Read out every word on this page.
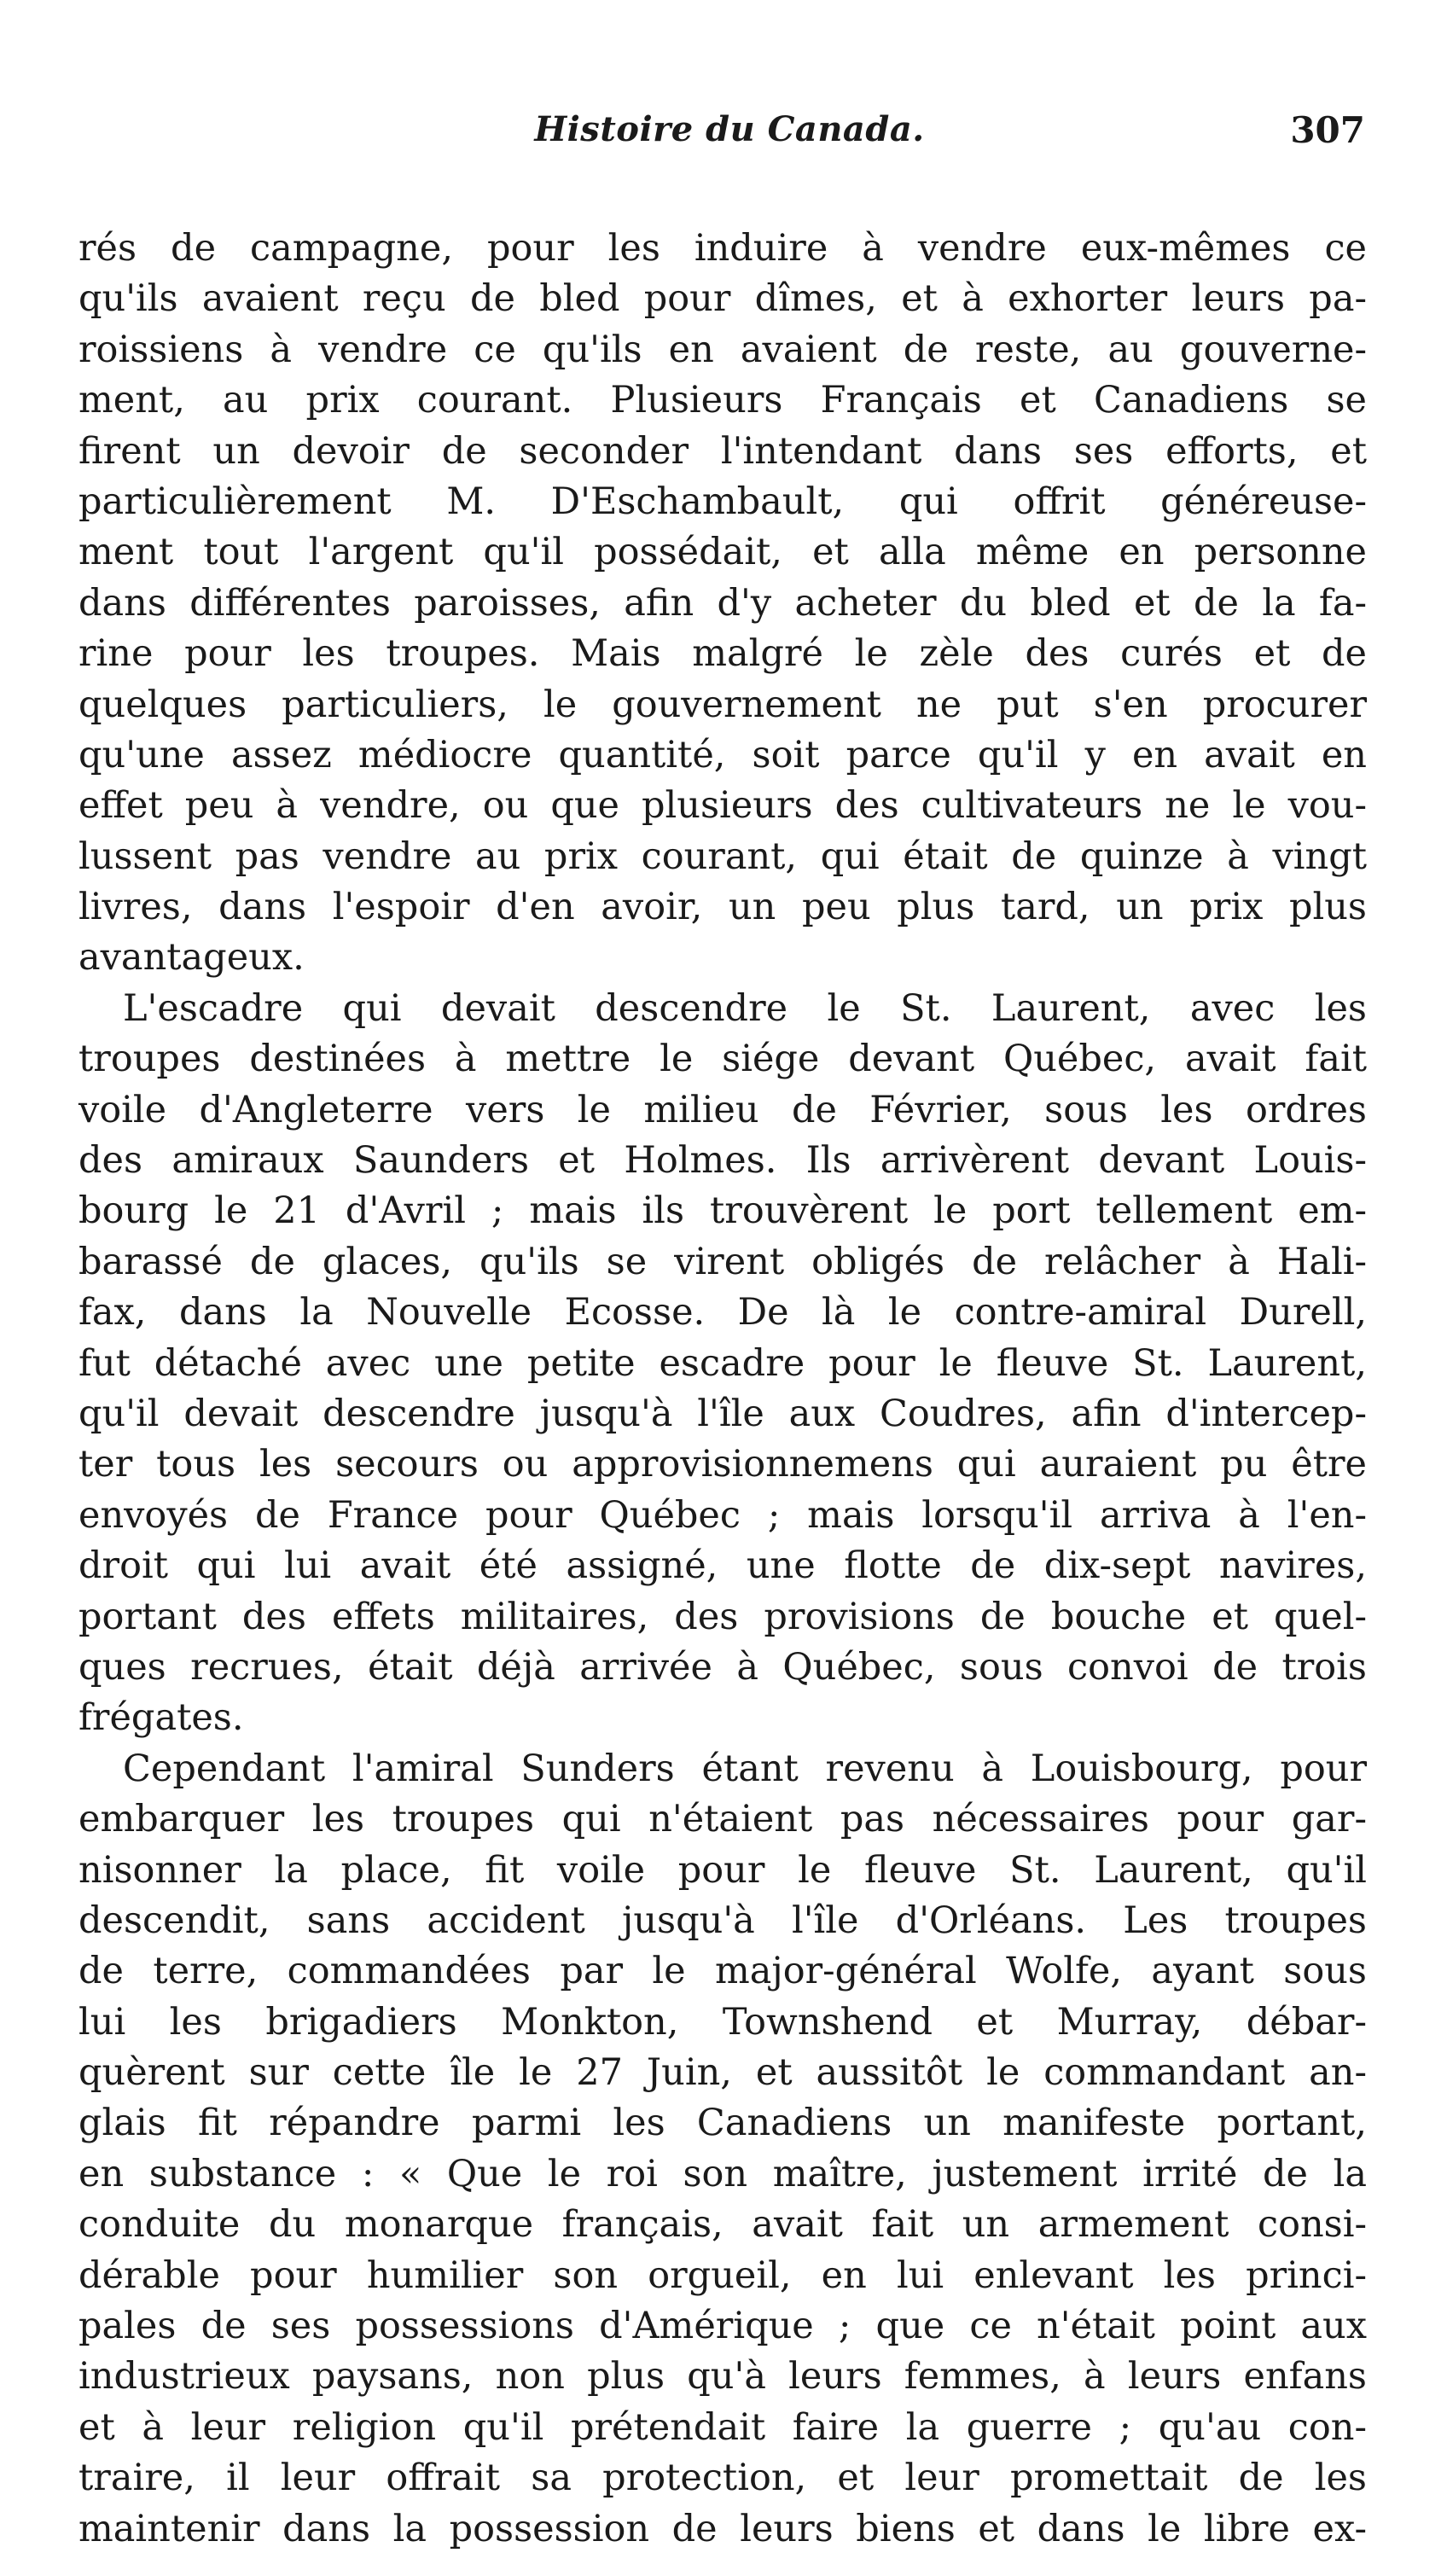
Histoire du Canada.	307
rés de campagne, pour les induire à vendre eux-mêmes ce
qu'ils avaient reçu de bled pour dîmes, et à exhorter leurs pa-
roissiens à vendre ce qu'ils en avaient de reste, au gouverne-
ment, au prix courant. Plusieurs Français et Canadiens se
firent un devoir de seconder l'intendant dans ses efforts, et
particulièrement M. D'Eschambault, qui offrit généreuse-
ment tout l'argent qu'il possédait, et alla même en personne
dans différentes paroisses, afin d'y acheter du bled et de la fa-
rine pour les troupes. Mais malgré le zèle des curés et de
quelques particuliers, le gouvernement ne put s'en procurer
qu'une assez médiocre quantité, soit parce qu'il y en avait en
effet peu à vendre, ou que plusieurs des cultivateurs ne le vou-
lussent pas vendre au prix courant, qui était de quinze à vingt
livres, dans l'espoir d'en avoir, un peu plus tard, un prix plus
avantageux.
L'escadre qui devait descendre le St. Laurent, avec les
troupes destinées à mettre le siége devant Québec, avait fait
voile d'Angleterre vers le milieu de Février, sous les ordres
des amiraux Saunders et Holmes. Ils arrivèrent devant Louis-
bourg le 21 d'Avril ; mais ils trouvèrent le port tellement em-
barassé de glaces, qu'ils se virent obligés de relâcher à Hali-
fax, dans la Nouvelle Ecosse. De là le contre-amiral Durell,
fut détaché avec une petite escadre pour le fleuve St. Laurent,
qu'il devait descendre jusqu'à l'île aux Coudres, afin d'intercep-
ter tous les secours ou approvisionnemens qui auraient pu être
envoyés de France pour Québec ; mais lorsqu'il arriva à l'en-
droit qui lui avait été assigné, une flotte de dix-sept navires,
portant des effets militaires, des provisions de bouche et quel-
ques recrues, était déjà arrivée à Québec, sous convoi de trois
frégates.
Cependant l'amiral Sunders étant revenu à Louisbourg, pour
embarquer les troupes qui n'étaient pas nécessaires pour gar-
nisonner la place, fit voile pour le fleuve St. Laurent, qu'il
descendit, sans accident jusqu'à l'île d'Orléans. Les troupes
de terre, commandées par le major-général Wolfe, ayant sous
lui les brigadiers Monkton, Townshend et Murray, débar-
quèrent sur cette île le 27 Juin, et aussitôt le commandant an-
glais fit répandre parmi les Canadiens un manifeste portant,
en substance : « Que le roi son maître, justement irrité de la
conduite du monarque français, avait fait un armement consi-
dérable pour humilier son orgueil, en lui enlevant les princi-
pales de ses possessions d'Amérique ; que ce n'était point aux
industrieux paysans, non plus qu'à leurs femmes, à leurs enfans
et à leur religion qu'il prétendait faire la guerre ; qu'au con-
traire, il leur offrait sa protection, et leur promettait de les
maintenir dans la possession de leurs biens et dans le libre ex-
